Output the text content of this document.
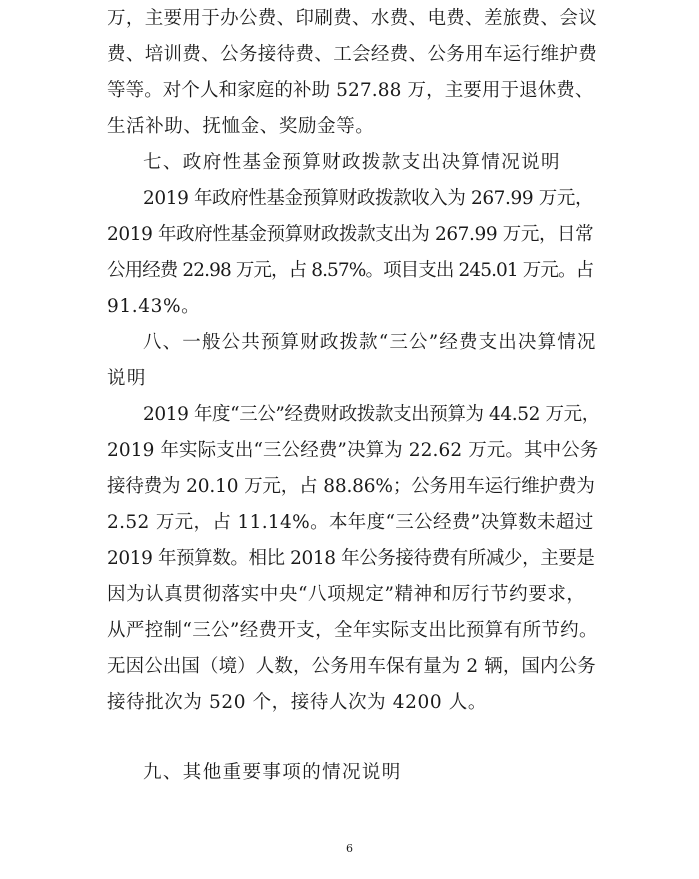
万，主要用于办公费、印刷费、水费、电费、差旅费、会议

费、培训费、公务接待费、工会经费、公务用车运行维护费

等等。对个人和家庭的补助 527.88 万，主要用于退休费、

生活补助、抚恤金、奖励金等。

七、政府性基金预算财政拨款支出决算情况说明

2019 年政府性基金预算财政拨款收入为 267.99 万元，

2019 年政府性基金预算财政拨款支出为 267.99 万元，日常

公用经费 22.98 万元，占 8.57%。项目支出 245.01 万元。占

91.43%。

八、一般公共预算财政拨款“三公”经费支出决算情况

说明

2019 年度“三公”经费财政拨款支出预算为 44.52 万元，

2019 年实际支出“三公经费”决算为 22.62 万元。其中公务

接待费为 20.10 万元，占 88.86%；公务用车运行维护费为

2.52 万元，占 11.14%。本年度“三公经费”决算数未超过

2019 年预算数。相比 2018 年公务接待费有所减少，主要是

因为认真贯彻落实中央“八项规定”精神和厉行节约要求，

从严控制“三公”经费开支，全年实际支出比预算有所节约。

无因公出国（境）人数，公务用车保有量为 2 辆，国内公务

接待批次为 520 个，接待人次为 4200 人。

九、其他重要事项的情况说明

6
